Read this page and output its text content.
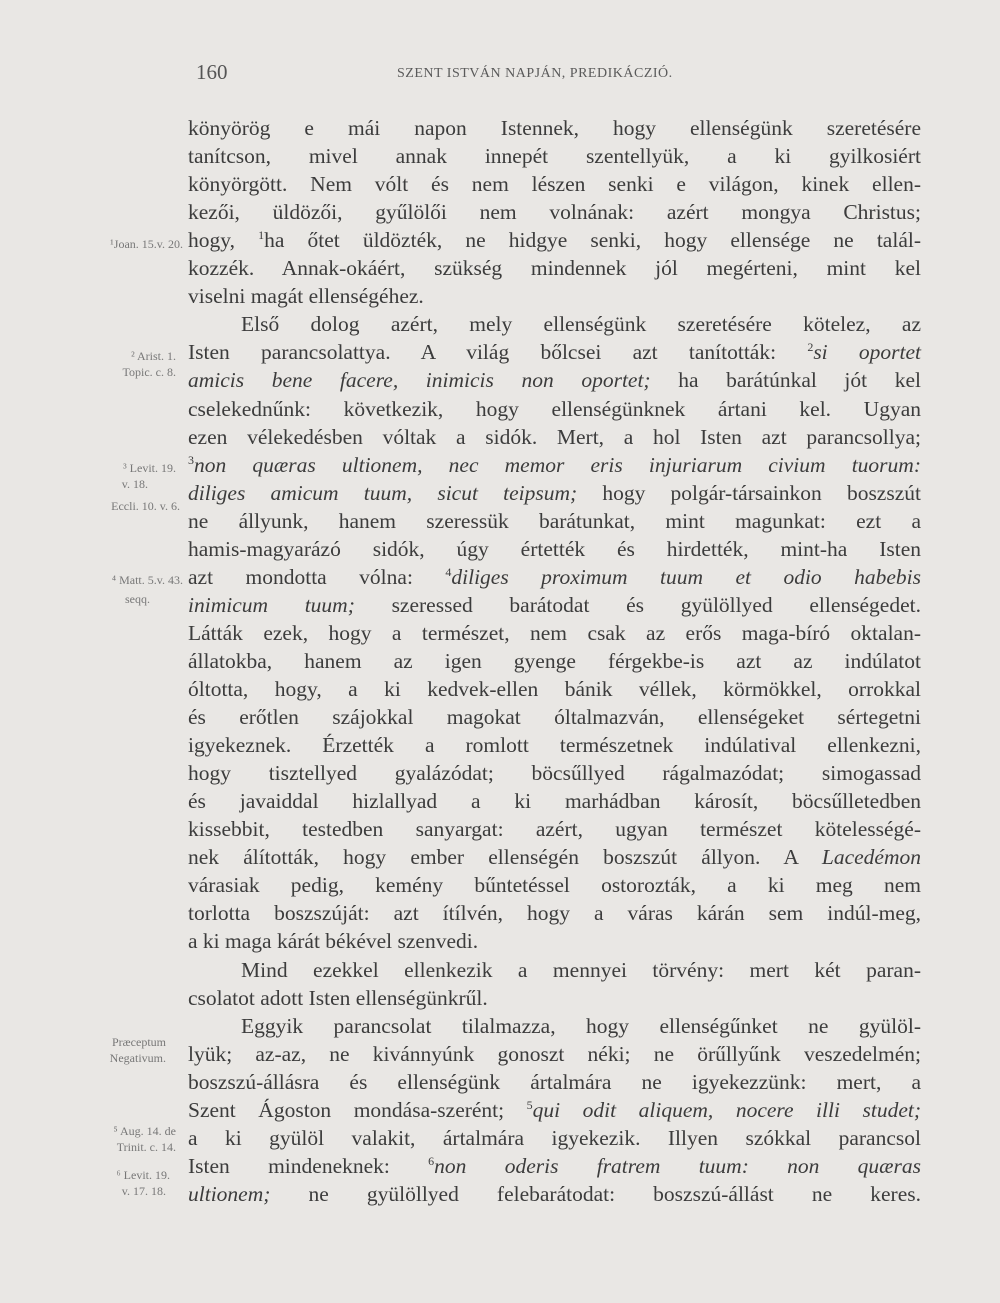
160	SZENT ISTVÁN NAPJÁN, PREDIKÁCZIÓ.
könyörög e mái napon Istennek, hogy ellenségünk szeretésére
tanítcson, mivel annak innepét szentellyük, a ki gyilkosiért
könyörgött. Nem vólt és nem lészen senki e világon, kinek ellen-
kezői, üldözői, gyűlölői nem volnának: azért mongya Christus;
hogy, $^1$ha őtet üldözték, ne hidgye senki, hogy ellensége ne talál-
kozzék. Annak-okáért, szükség mindennek jól megérteni, mint kel
viselni magát ellenségéhez.
Első dolog azért, mely ellenségünk szeretésére kötelez, az
Isten parancsolattya. A világ bőlcsei azt tanították: $^2$si oportet
amicis bene facere, inimicis non oportet; ha barátúnkal jót kel
cselekednűnk: következik, hogy ellenségünknek ártani kel. Ugyan
ezen vélekedésben vóltak a sidók. Mert, a hol Isten azt parancsollya;
$^3$non quæras ultionem, nec memor eris injuriarum civium tuorum:
diliges amicum tuum, sicut teipsum; hogy polgár-társainkon boszszút
ne állyunk, hanem szeressük barátunkat, mint magunkat: ezt a
hamis-magyarázó sidók, úgy értették és hirdették, mint-ha Isten
azt mondotta vólna: $^4$diliges proximum tuum et odio habebis
inimicum tuum; szeressed barátodat és gyülöllyed ellenségedet.
Látták ezek, hogy a természet, nem csak az erős maga-bíró oktalan-
állatokba, hanem az igen gyenge férgekbe-is azt az indúlatot
óltotta, hogy, a ki kedvek-ellen bánik véllek, körmökkel, orrokkal
és erőtlen szájokkal magokat óltalmazván, ellenségeket sértegetni
igyekeznek. Érzették a romlott természetnek indúlatival ellenkezni,
hogy tisztellyed gyalázódat; böcsűllyed rágalmazódat; simogassad
és javaiddal hizlallyad a ki marhádban károsít, böcsűlletedben
kissebbit, testedben sanyargat: azért, ugyan természet kötelességé-
nek álították, hogy ember ellenségén boszszút állyon. A Lacedémon
várasiak pedig, kemény bűntetéssel ostorozták, a ki meg nem
torlotta boszszúját: azt ítílvén, hogy a váras kárán sem indúl-meg,
a ki maga kárát békével szenvedi.
Mind ezekkel ellenkezik a mennyei törvény: mert két paran-
csolatot adott Isten ellenségünkrűl.
Eggyik parancsolat tilalmazza, hogy ellenségűnket ne gyülöl-
lyük; az-az, ne kivánnyúnk gonoszt néki; ne örűllyűnk veszedelmén;
boszszú-állásra és ellenségünk ártalmára ne igyekezzünk: mert, a
Szent Ágoston mondása-szerént; $^5$qui odit aliquem, nocere illi studet;
a ki gyülöl valakit, ártalmára igyekezik. Illyen szókkal parancsol
Isten mindeneknek: $^6$non oderis fratrem tuum: non quæras
ultionem; ne gyülöllyed felebarátodat: boszszú-állást ne keres.
¹Joan. 15.v. 20.
² Arist. 1.
Topic. c. 8.
³ Levit. 19.
v. 18.
Eccli. 10. v. 6.
⁴ Matt. 5.v. 43.
seqq.
Præceptum
Negativum.
⁵ Aug. 14. de
Trinit. c. 14.
⁶ Levit. 19.
v. 17. 18.
